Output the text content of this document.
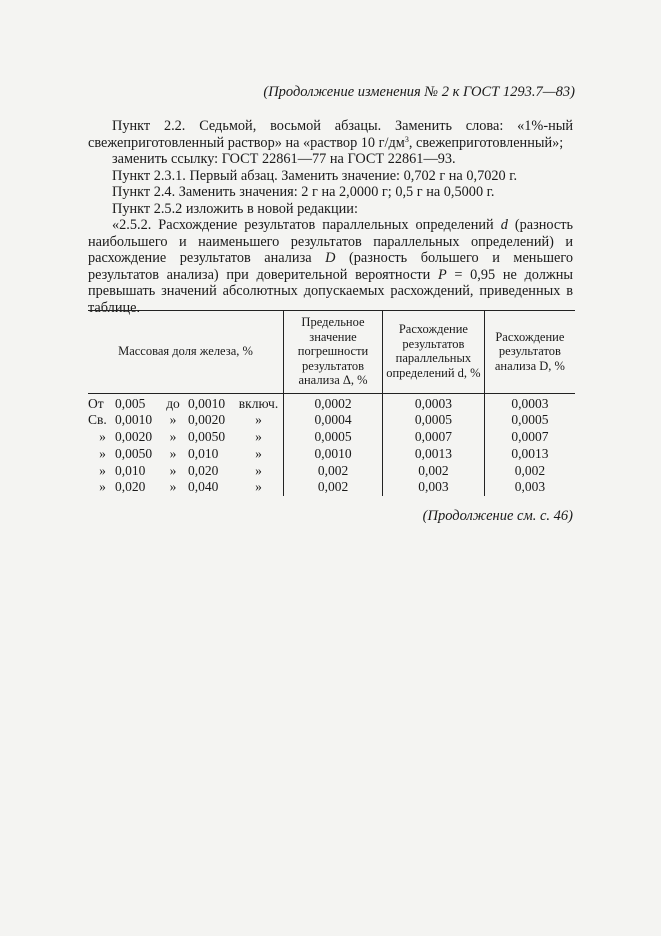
(Продолжение изменения № 2 к ГОСТ 1293.7—83)

Пункт 2.2. Седьмой, восьмой абзацы. Заменить слова: «1%-ный свежеприготовленный раствор» на «раствор 10 $г/дм^3$, свежеприготовленный»;

заменить ссылку: ГОСТ 22861—77 на ГОСТ 22861—93.

Пункт 2.3.1. Первый абзац. Заменить значение: 0,702 г на 0,7020 г.

Пункт 2.4. Заменить значения: 2 г на 2,0000 г; 0,5 г на 0,5000 г.

Пункт 2.5.2 изложить в новой редакции:

«2.5.2. Расхождение результатов параллельных определений d (разность наибольшего и наименьшего результатов параллельных определений) и расхождение результатов анализа D (разность большего и меньшего результатов анализа) при доверительной вероятности P = 0,95 не должны превышать значений абсолютных допускаемых расхождений, приведенных в таблице.

Массовая доля железа, %	Предельное значение погрешности результатов анализа Δ, %	Расхождение результатов параллельных определений d, %	Расхождение результатов анализа D, %

От 0,005 до 0,0010 включ.	0,0002	0,0003	0,0003

Св. 0,0010 » 0,0020 »	0,0004	0,0005	0,0005

» 0,0020 » 0,0050 »	0,0005	0,0007	0,0007

» 0,0050 » 0,010 »	0,0010	0,0013	0,0013

» 0,010 » 0,020 »	0,002	0,002	0,002

» 0,020 » 0,040 »	0,002	0,003	0,003
(Продолжение см. с. 46)
